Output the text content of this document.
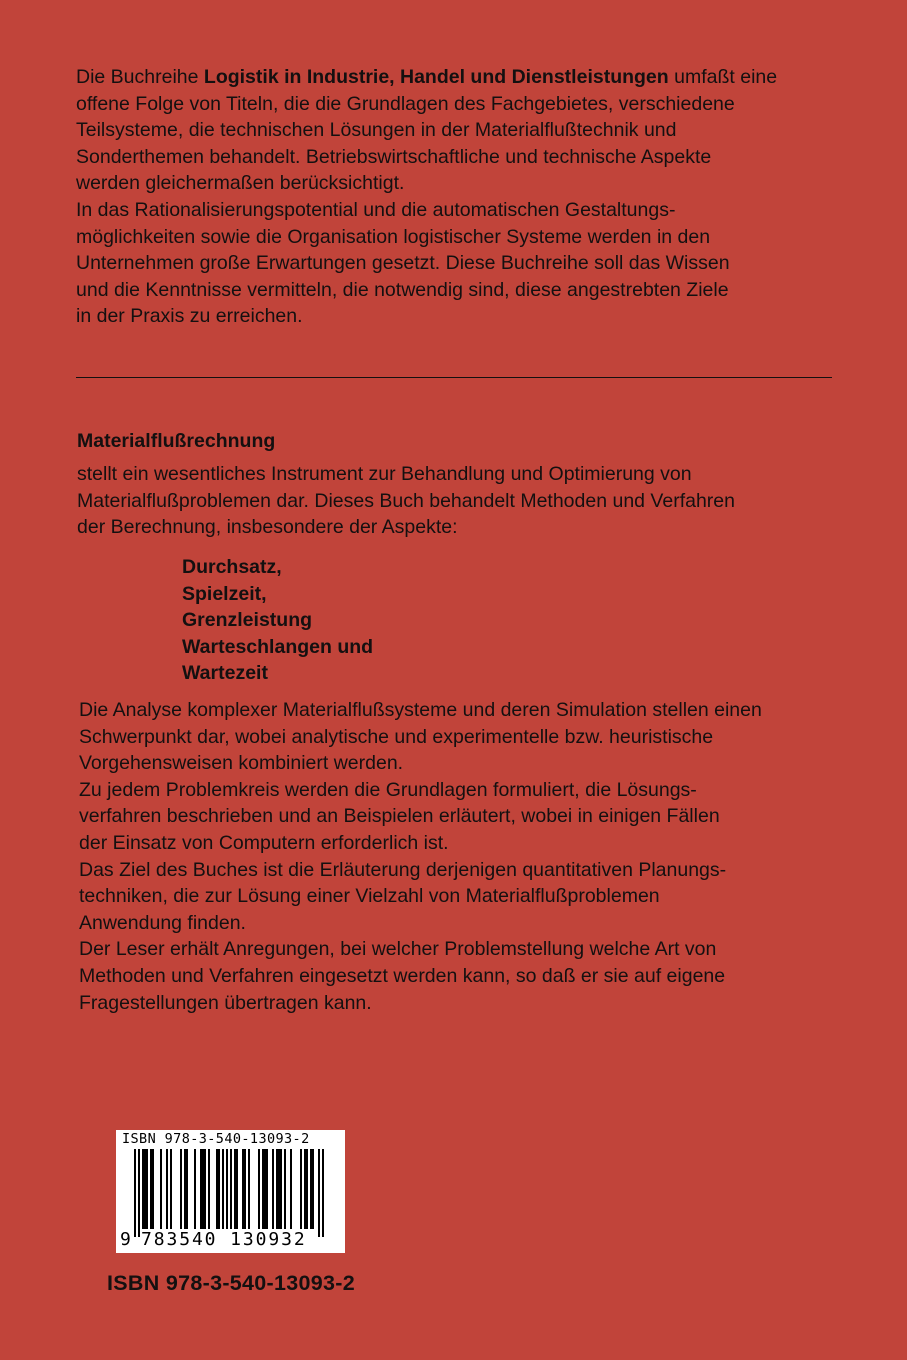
Die Buchreihe Logistik in Industrie, Handel und Dienstleistungen umfaßt eine

offene Folge von Titeln, die die Grundlagen des Fachgebietes, verschiedene

Teilsysteme, die technischen Lösungen in der Materialflußtechnik und

Sonderthemen behandelt. Betriebswirtschaftliche und technische Aspekte

werden gleichermaßen berücksichtigt.

In das Rationalisierungspotential und die automatischen Gestaltungs-

möglichkeiten sowie die Organisation logistischer Systeme werden in den

Unternehmen große Erwartungen gesetzt. Diese Buchreihe soll das Wissen

und die Kenntnisse vermitteln, die notwendig sind, diese angestrebten Ziele

in der Praxis zu erreichen.

Materialflußrechnung

stellt ein wesentliches Instrument zur Behandlung und Optimierung von

Materialflußproblemen dar. Dieses Buch behandelt Methoden und Verfahren

der Berechnung, insbesondere der Aspekte:

Durchsatz,
Spielzeit,
Grenzleistung
Warteschlangen und
Wartezeit

Die Analyse komplexer Materialflußsysteme und deren Simulation stellen einen

Schwerpunkt dar, wobei analytische und experimentelle bzw. heuristische

Vorgehensweisen kombiniert werden.

Zu jedem Problemkreis werden die Grundlagen formuliert, die Lösungs-

verfahren beschrieben und an Beispielen erläutert, wobei in einigen Fällen

der Einsatz von Computern erforderlich ist.

Das Ziel des Buches ist die Erläuterung derjenigen quantitativen Planungs-

techniken, die zur Lösung einer Vielzahl von Materialflußproblemen

Anwendung finden.

Der Leser erhält Anregungen, bei welcher Problemstellung welche Art von

Methoden und Verfahren eingesetzt werden kann, so daß er sie auf eigene

Fragestellungen übertragen kann.

ISBN 978-3-540-13093-2
9 783540 130932
ISBN 978-3-540-13093-2
